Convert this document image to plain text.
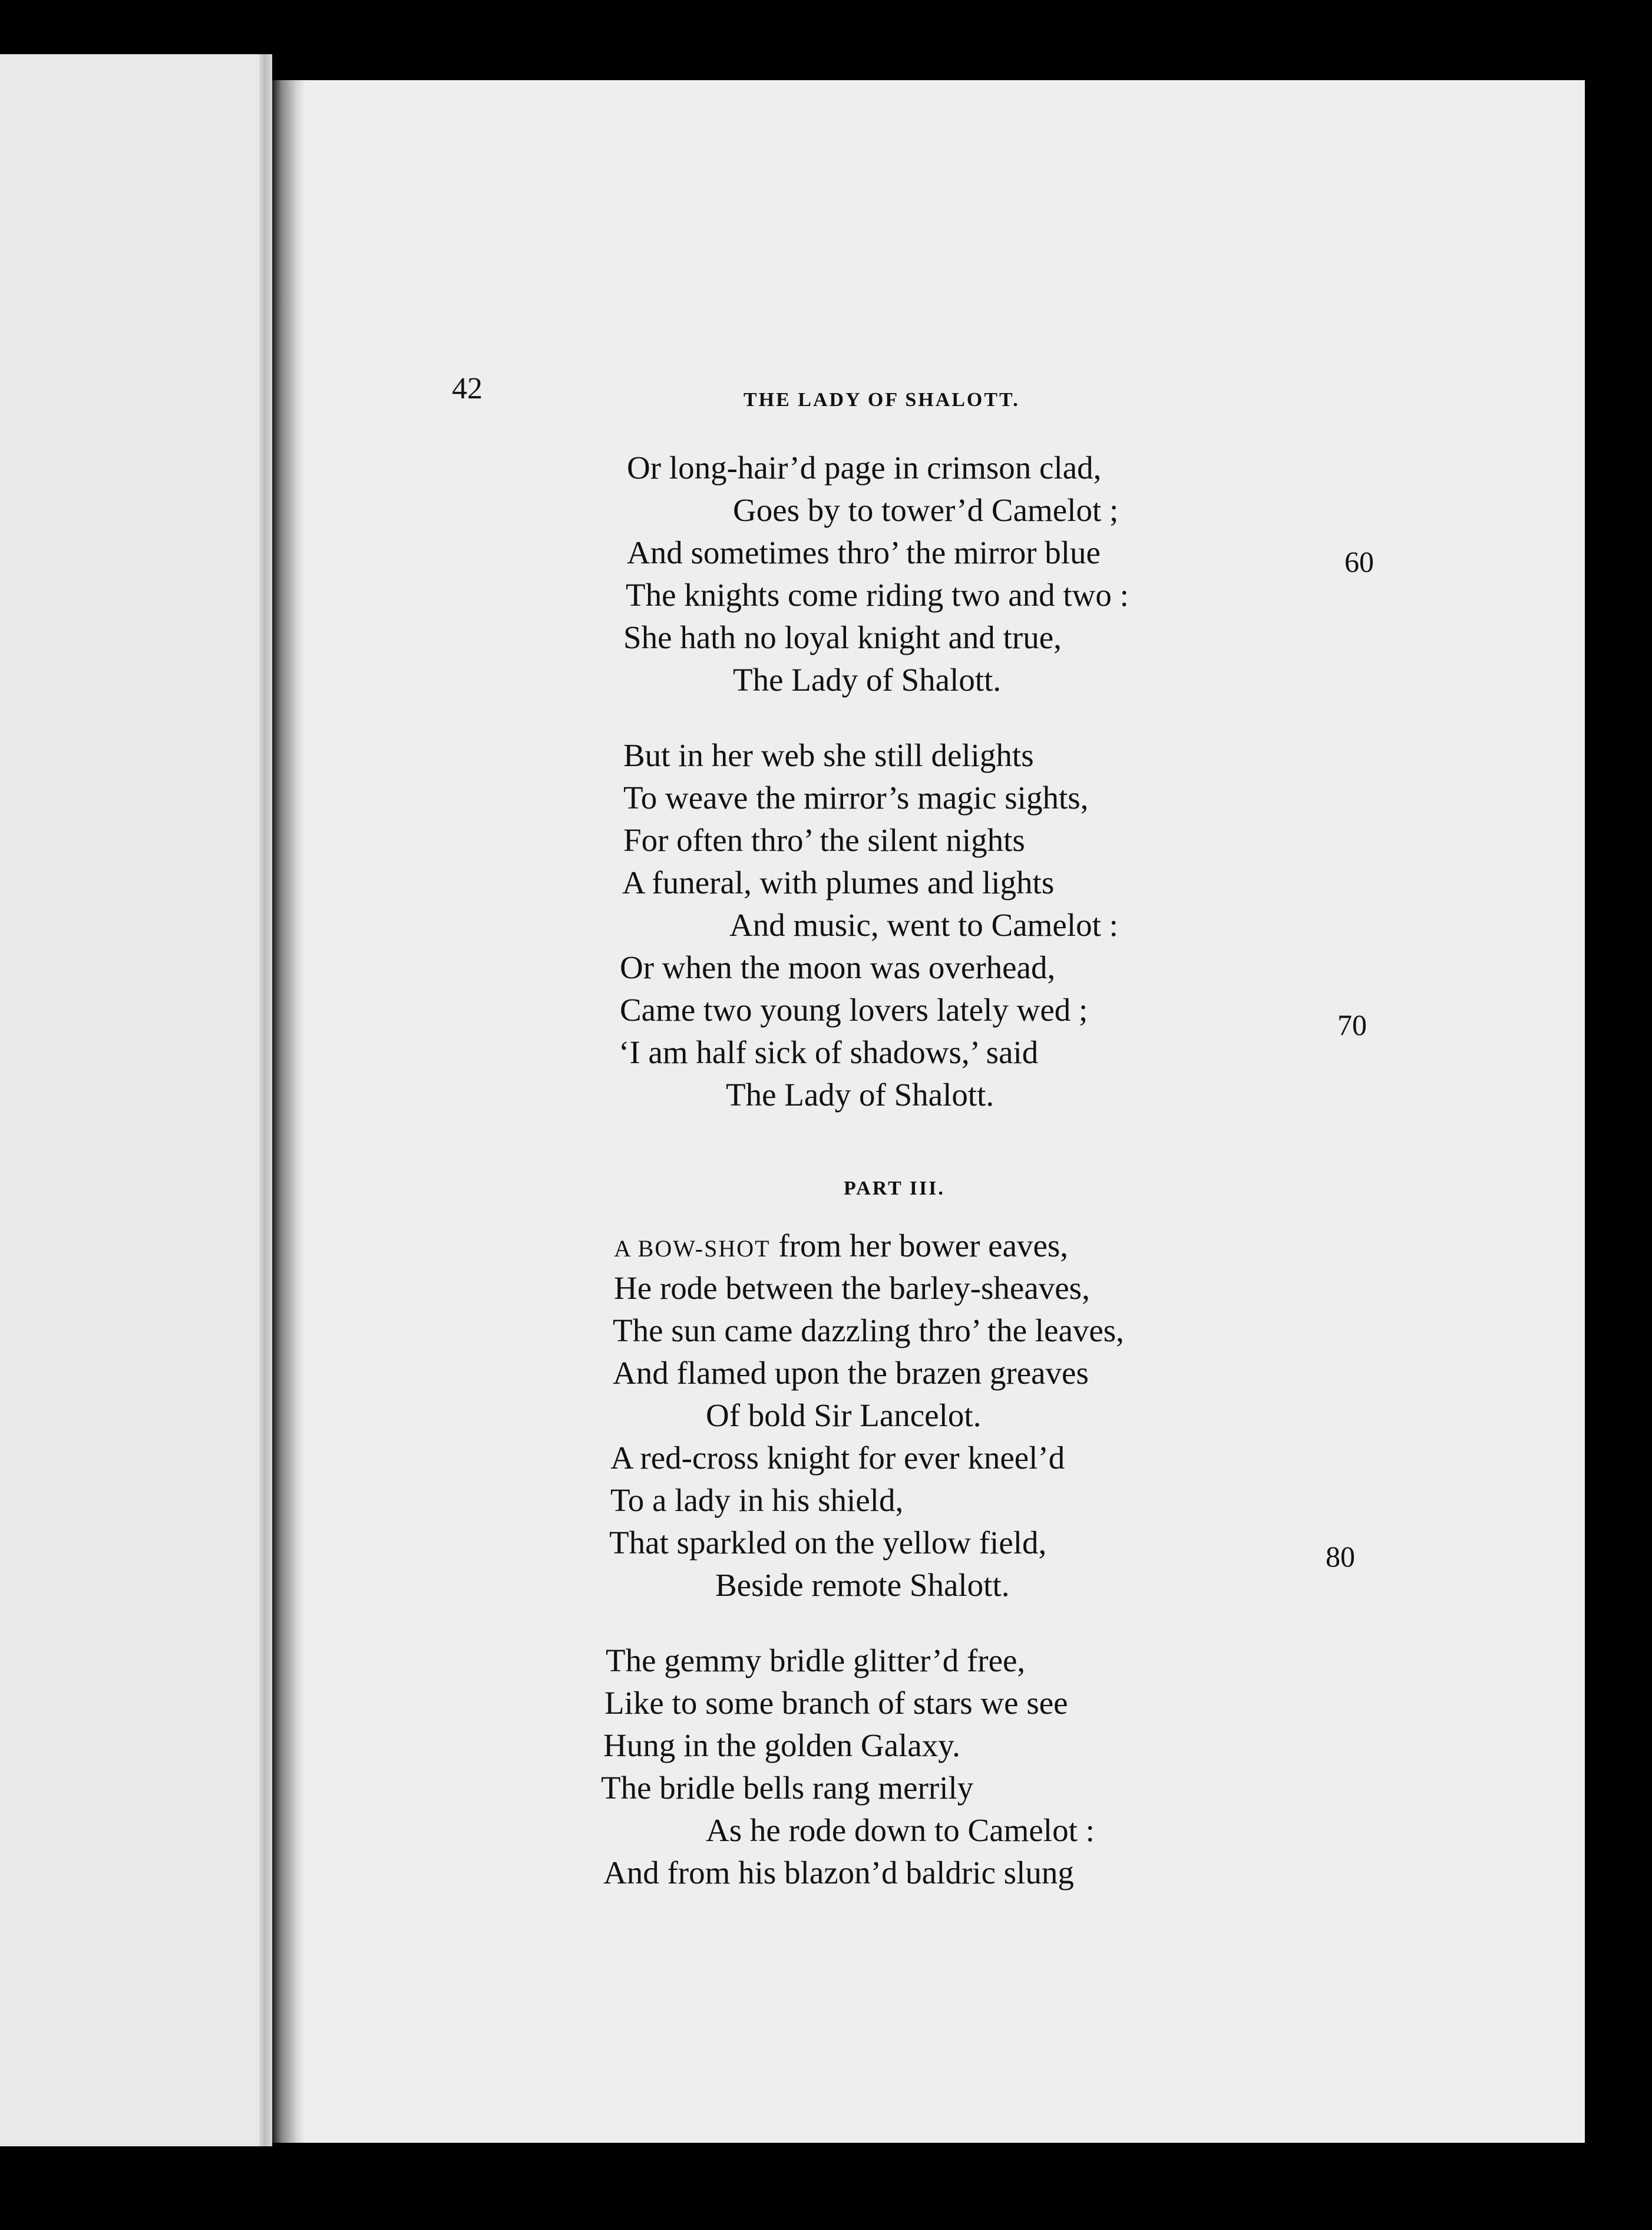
42	THE LADY OF SHALOTT.
Or long-hair’d page in crimson clad,
Goes by to tower’d Camelot ;
And sometimes thro’ the mirror blue	60
The knights come riding two and two :
She hath no loyal knight and true,
The Lady of Shalott.
But in her web she still delights
To weave the mirror’s magic sights,
For often thro’ the silent nights
A funeral, with plumes and lights
And music, went to Camelot :
Or when the moon was overhead,
Came two young lovers lately wed ;	70
‘I am half sick of shadows,’ said
The Lady of Shalott.
PART III.
A BOW-SHOT from her bower eaves,
He rode between the barley-sheaves,
The sun came dazzling thro’ the leaves,
And flamed upon the brazen greaves
Of bold Sir Lancelot.
A red-cross knight for ever kneel’d
To a lady in his shield,
That sparkled on the yellow field,	80
Beside remote Shalott.
The gemmy bridle glitter’d free,
Like to some branch of stars we see
Hung in the golden Galaxy.
The bridle bells rang merrily
As he rode down to Camelot :
And from his blazon’d baldric slung
